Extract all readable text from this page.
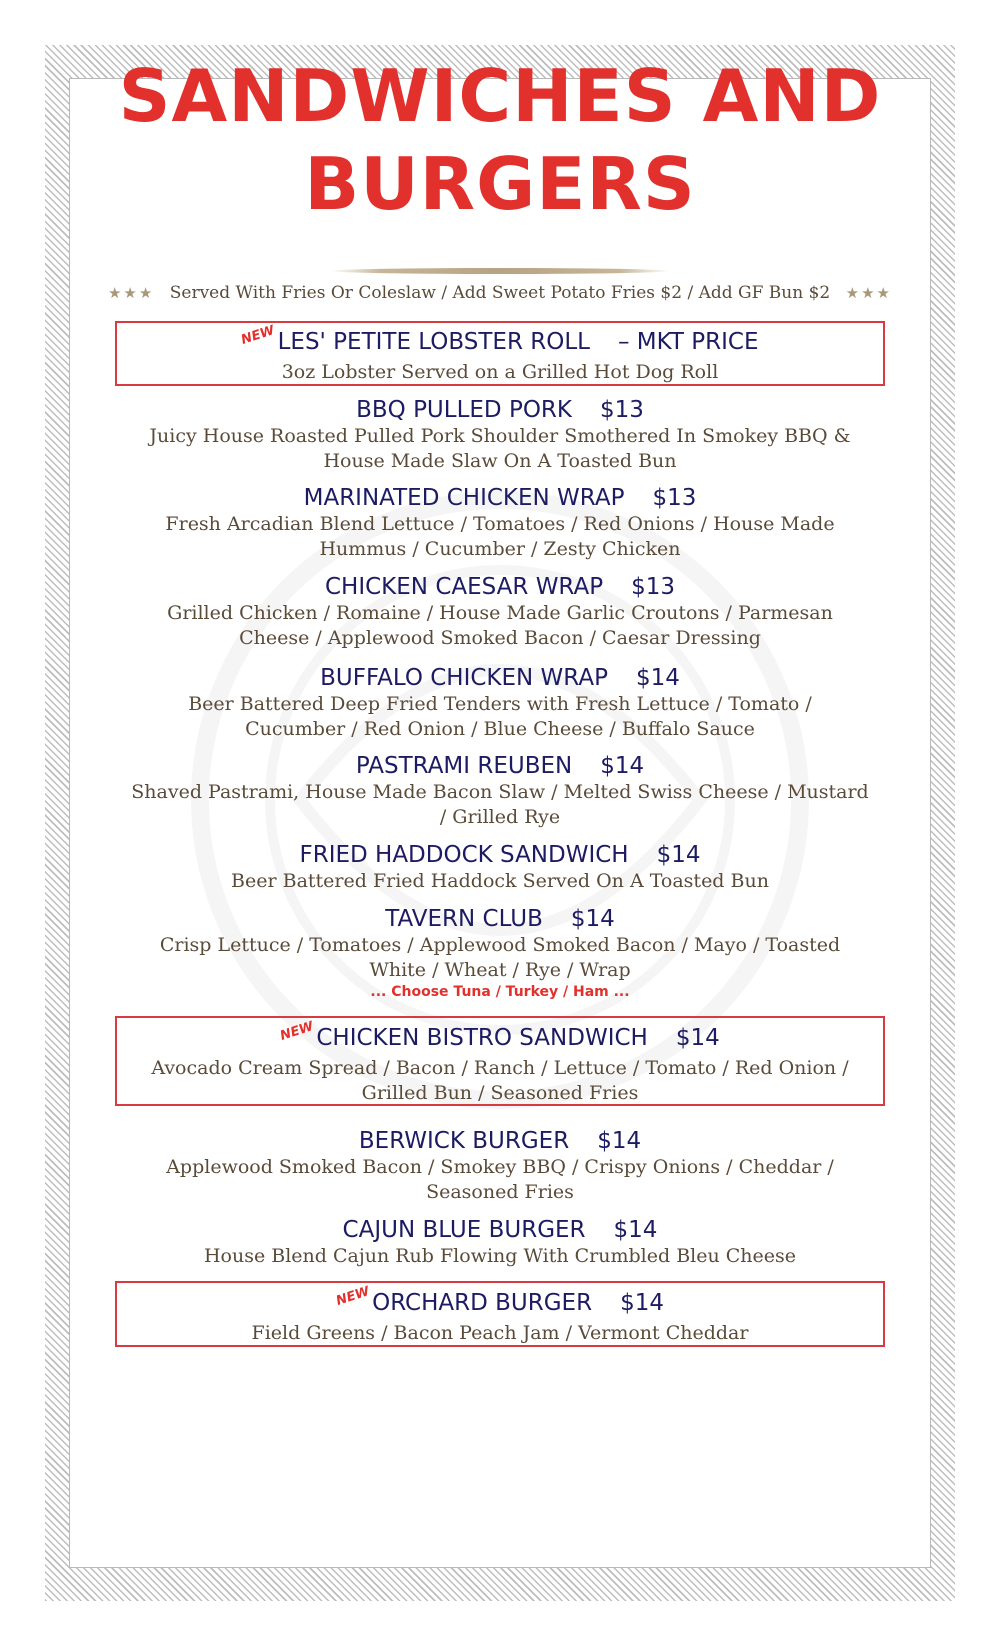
SANDWICHES AND
BURGERS
★★★ Served With Fries Or Coleslaw / Add Sweet Potato Fries $2 / Add GF Bun $2 ★★★
NEWLES' PETITE LOBSTER ROLL – MKT PRICE
3oz Lobster Served on a Grilled Hot Dog Roll
BBQ PULLED PORK $13
Juicy House Roasted Pulled Pork Shoulder Smothered In Smokey BBQ &
House Made Slaw On A Toasted Bun
MARINATED CHICKEN WRAP $13
Fresh Arcadian Blend Lettuce / Tomatoes / Red Onions / House Made
Hummus / Cucumber / Zesty Chicken
CHICKEN CAESAR WRAP $13
Grilled Chicken / Romaine / House Made Garlic Croutons / Parmesan
Cheese / Applewood Smoked Bacon / Caesar Dressing
BUFFALO CHICKEN WRAP $14
Beer Battered Deep Fried Tenders with Fresh Lettuce / Tomato /
Cucumber / Red Onion / Blue Cheese / Buffalo Sauce
PASTRAMI REUBEN $14
Shaved Pastrami, House Made Bacon Slaw / Melted Swiss Cheese / Mustard
/ Grilled Rye
FRIED HADDOCK SANDWICH $14
Beer Battered Fried Haddock Served On A Toasted Bun
TAVERN CLUB $14
Crisp Lettuce / Tomatoes / Applewood Smoked Bacon / Mayo / Toasted
White / Wheat / Rye / Wrap
... Choose Tuna / Turkey / Ham ...
NEWCHICKEN BISTRO SANDWICH $14
Avocado Cream Spread / Bacon / Ranch / Lettuce / Tomato / Red Onion /
Grilled Bun / Seasoned Fries
BERWICK BURGER $14
Applewood Smoked Bacon / Smokey BBQ / Crispy Onions / Cheddar /
Seasoned Fries
CAJUN BLUE BURGER $14
House Blend Cajun Rub Flowing With Crumbled Bleu Cheese
NEWORCHARD BURGER $14
Field Greens / Bacon Peach Jam / Vermont Cheddar
